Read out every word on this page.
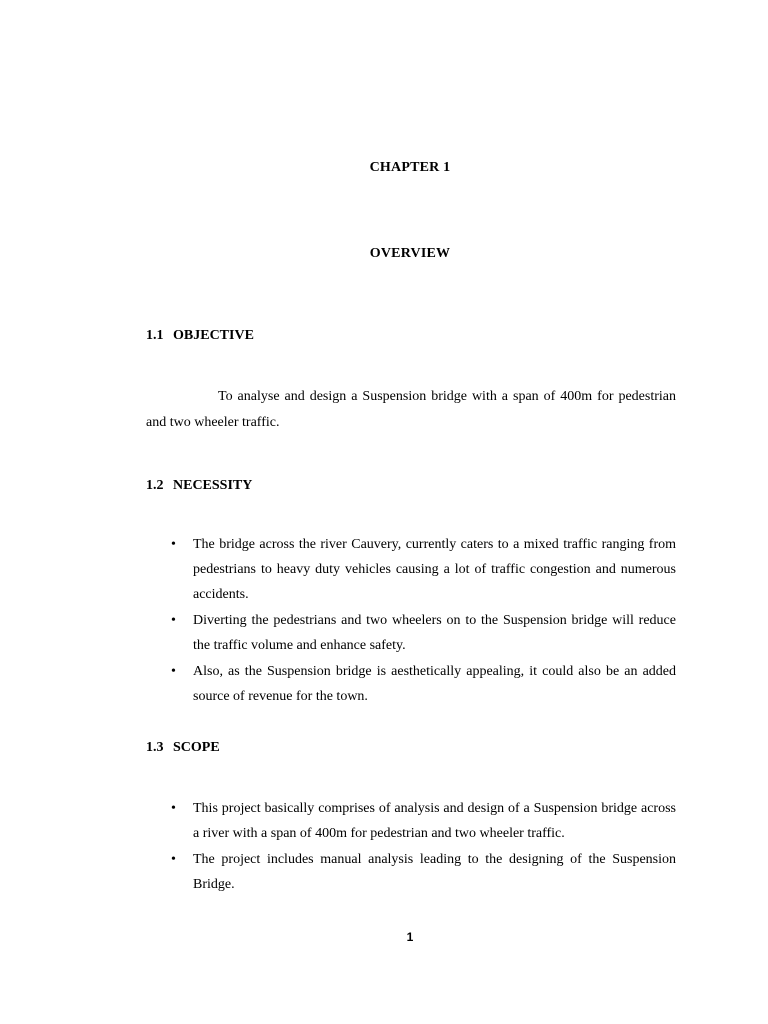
CHAPTER 1
OVERVIEW
1.1 OBJECTIVE
To analyse and design a Suspension bridge with a span of 400m for pedestrian and two wheeler traffic.
1.2 NECESSITY
• The bridge across the river Cauvery, currently caters to a mixed traffic ranging from pedestrians to heavy duty vehicles causing a lot of traffic congestion and numerous accidents.
• Diverting the pedestrians and two wheelers on to the Suspension bridge will reduce the traffic volume and enhance safety.
• Also, as the Suspension bridge is aesthetically appealing, it could also be an added source of revenue for the town.
1.3 SCOPE
• This project basically comprises of analysis and design of a Suspension bridge across a river with a span of 400m for pedestrian and two wheeler traffic.
• The project includes manual analysis leading to the designing of the Suspension Bridge.
1
